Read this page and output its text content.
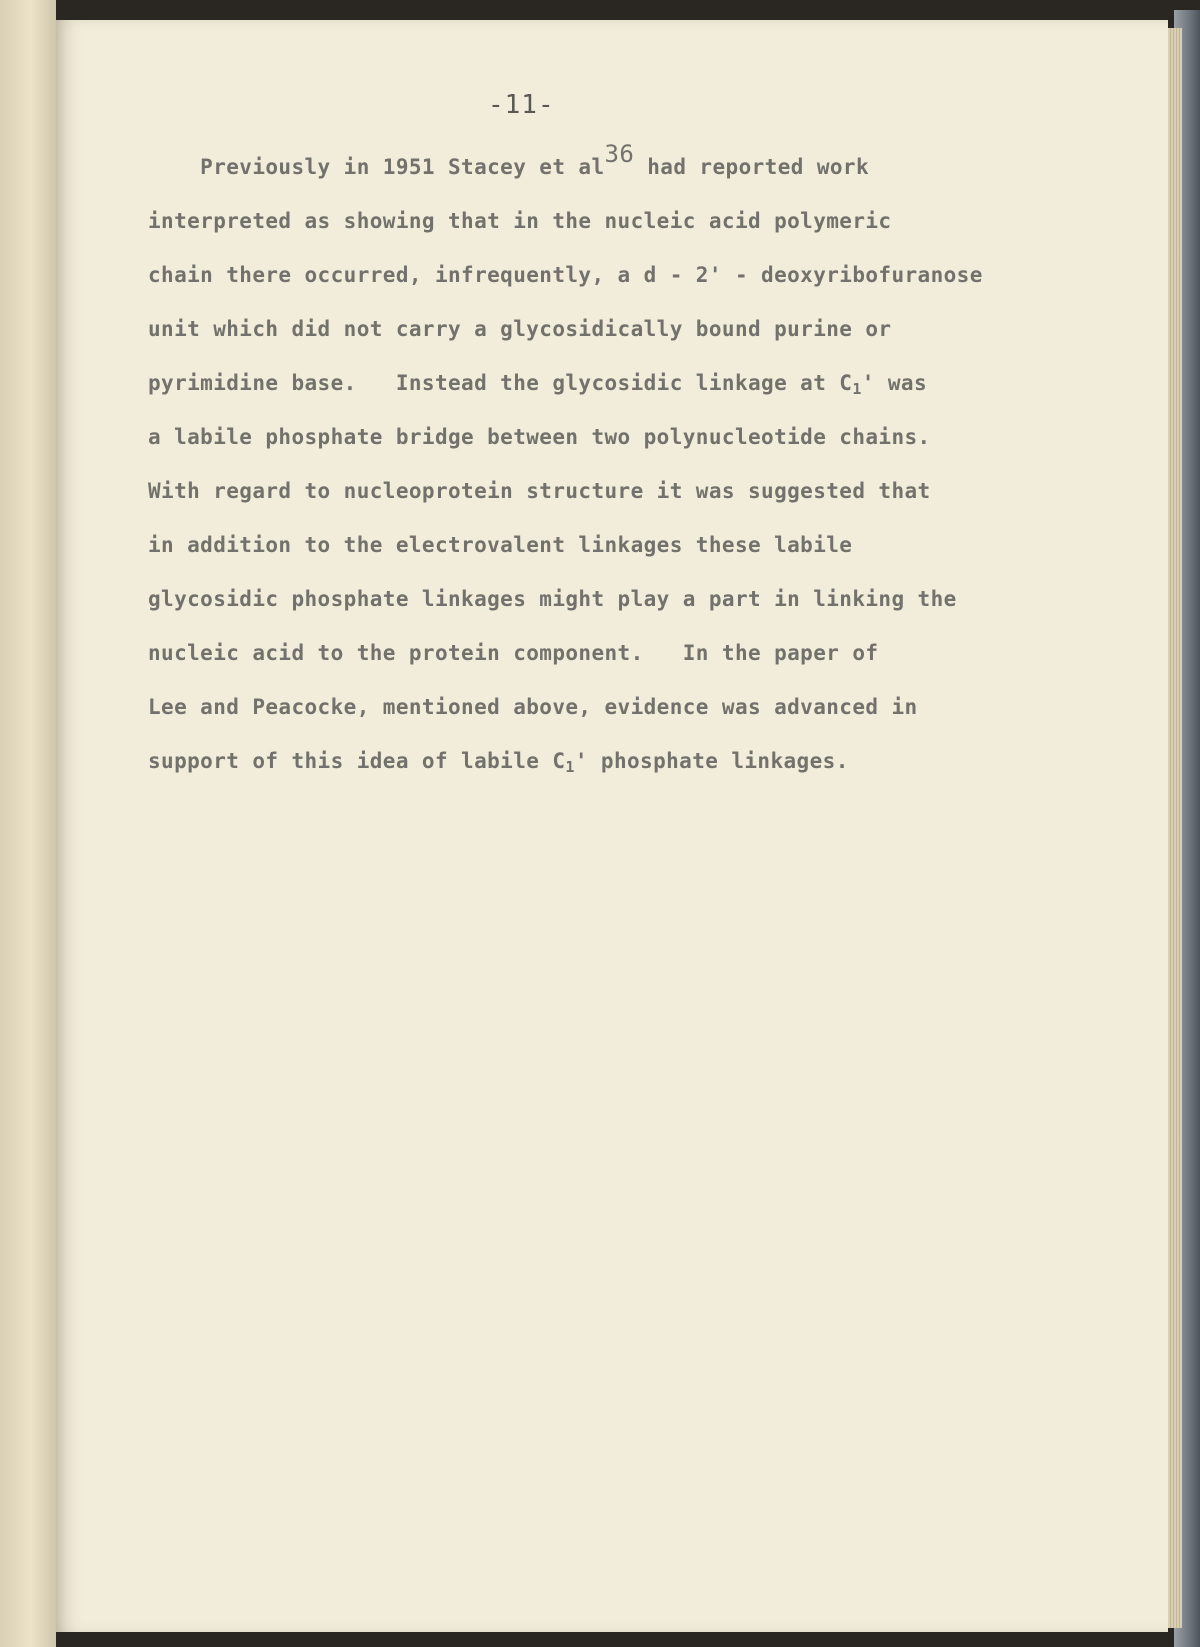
-11-
Previously in 1951 Stacey et al36 had reported work
interpreted as showing that in the nucleic acid polymeric
chain there occurred, infrequently, a d - 2' - deoxyribofuranose
unit which did not carry a glycosidically bound purine or
pyrimidine base.   Instead the glycosidic linkage at $C_1'$ was
a labile phosphate bridge between two polynucleotide chains.
With regard to nucleoprotein structure it was suggested that
in addition to the electrovalent linkages these labile
glycosidic phosphate linkages might play a part in linking the
nucleic acid to the protein component.   In the paper of
Lee and Peacocke, mentioned above, evidence was advanced in
support of this idea of labile $C_1'$ phosphate linkages.
